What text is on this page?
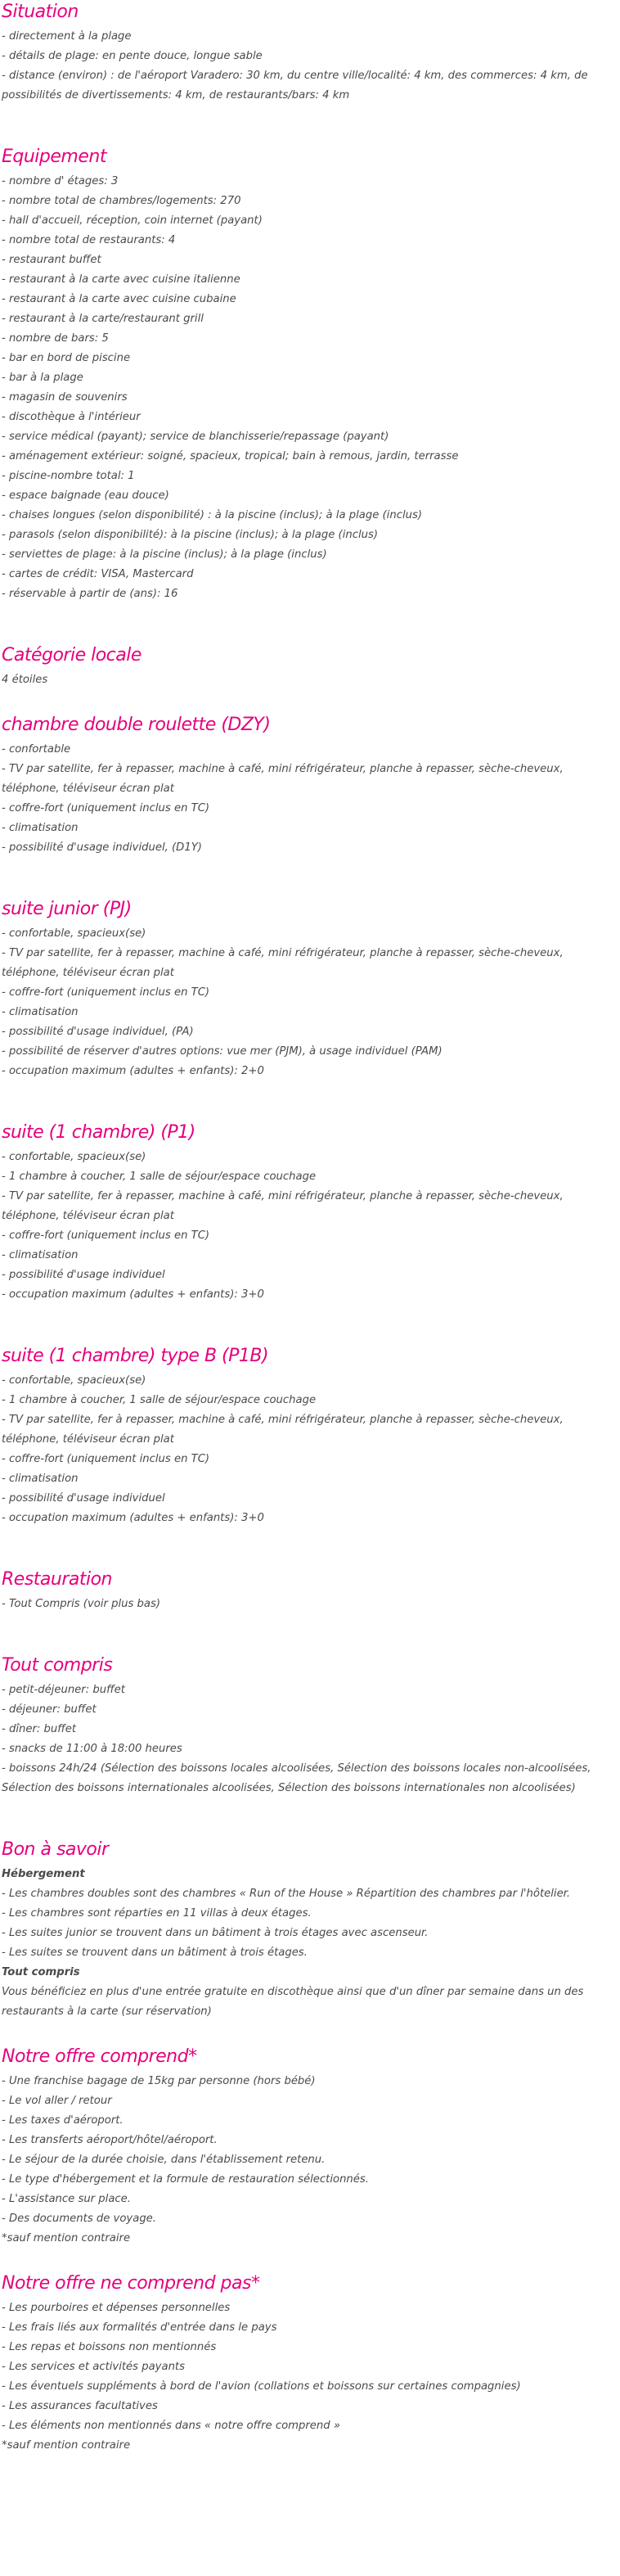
Situation
- directement à la plage
- détails de plage: en pente douce, longue sable
- distance (environ) : de l'aéroport Varadero: 30 km, du centre ville/localité: 4 km, des commerces: 4 km, de possibilités de divertissements: 4 km, de restaurants/bars: 4 km
Equipement
- nombre d' étages: 3
- nombre total de chambres/logements: 270
- hall d'accueil, réception, coin internet (payant)
- nombre total de restaurants: 4
- restaurant buffet
- restaurant à la carte avec cuisine italienne
- restaurant à la carte avec cuisine cubaine
- restaurant à la carte/restaurant grill
- nombre de bars: 5
- bar en bord de piscine
- bar à la plage
- magasin de souvenirs
- discothèque à l'intérieur
- service médical (payant); service de blanchisserie/repassage (payant)
- aménagement extérieur: soigné, spacieux, tropical; bain à remous, jardin, terrasse
- piscine-nombre total: 1
- espace baignade (eau douce)
- chaises longues (selon disponibilité) : à la piscine (inclus); à la plage (inclus)
- parasols (selon disponibilité): à la piscine (inclus); à la plage (inclus)
- serviettes de plage: à la piscine (inclus); à la plage (inclus)
- cartes de crédit: VISA, Mastercard
- réservable à partir de (ans): 16
Catégorie locale
4 étoiles
chambre double roulette (DZY)
- confortable
- TV par satellite, fer à repasser, machine à café, mini réfrigérateur, planche à repasser, sèche-cheveux, téléphone, téléviseur écran plat
- coffre-fort (uniquement inclus en TC)
- climatisation
- possibilité d'usage individuel, (D1Y)
suite junior (PJ)
- confortable, spacieux(se)
- TV par satellite, fer à repasser, machine à café, mini réfrigérateur, planche à repasser, sèche-cheveux, téléphone, téléviseur écran plat
- coffre-fort (uniquement inclus en TC)
- climatisation
- possibilité d'usage individuel, (PA)
- possibilité de réserver d'autres options: vue mer (PJM), à usage individuel (PAM)
- occupation maximum (adultes + enfants): 2+0
suite (1 chambre) (P1)
- confortable, spacieux(se)
- 1 chambre à coucher, 1 salle de séjour/espace couchage
- TV par satellite, fer à repasser, machine à café, mini réfrigérateur, planche à repasser, sèche-cheveux, téléphone, téléviseur écran plat
- coffre-fort (uniquement inclus en TC)
- climatisation
- possibilité d'usage individuel
- occupation maximum (adultes + enfants): 3+0
suite (1 chambre) type B (P1B)
- confortable, spacieux(se)
- 1 chambre à coucher, 1 salle de séjour/espace couchage
- TV par satellite, fer à repasser, machine à café, mini réfrigérateur, planche à repasser, sèche-cheveux, téléphone, téléviseur écran plat
- coffre-fort (uniquement inclus en TC)
- climatisation
- possibilité d'usage individuel
- occupation maximum (adultes + enfants): 3+0
Restauration
- Tout Compris (voir plus bas)
Tout compris
- petit-déjeuner: buffet
- déjeuner: buffet
- dîner: buffet
- snacks de 11:00 à 18:00 heures
- boissons 24h/24 (Sélection des boissons locales alcoolisées, Sélection des boissons locales non-alcoolisées, Sélection des boissons internationales alcoolisées, Sélection des boissons internationales non alcoolisées)
Bon à savoir
Hébergement
- Les chambres doubles sont des chambres « Run of the House » Répartition des chambres par l'hôtelier.
- Les chambres sont réparties en 11 villas à deux étages.
- Les suites junior se trouvent dans un bâtiment à trois étages avec ascenseur.
- Les suites se trouvent dans un bâtiment à trois étages.
Tout compris
Vous bénéficiez en plus d'une entrée gratuite en discothèque ainsi que d'un dîner par semaine dans un des restaurants à la carte (sur réservation)
Notre offre comprend*
- Une franchise bagage de 15kg par personne (hors bébé)
- Le vol aller / retour
- Les taxes d'aéroport.
- Les transferts aéroport/hôtel/aéroport.
- Le séjour de la durée choisie, dans l'établissement retenu.
- Le type d'hébergement et la formule de restauration sélectionnés.
- L'assistance sur place.
- Des documents de voyage.
*sauf mention contraire
Notre offre ne comprend pas*
- Les pourboires et dépenses personnelles
- Les frais liés aux formalités d'entrée dans le pays
- Les repas et boissons non mentionnés
- Les services et activités payants
- Les éventuels suppléments à bord de l'avion (collations et boissons sur certaines compagnies)
- Les assurances facultatives
- Les éléments non mentionnés dans « notre offre comprend »
*sauf mention contraire
